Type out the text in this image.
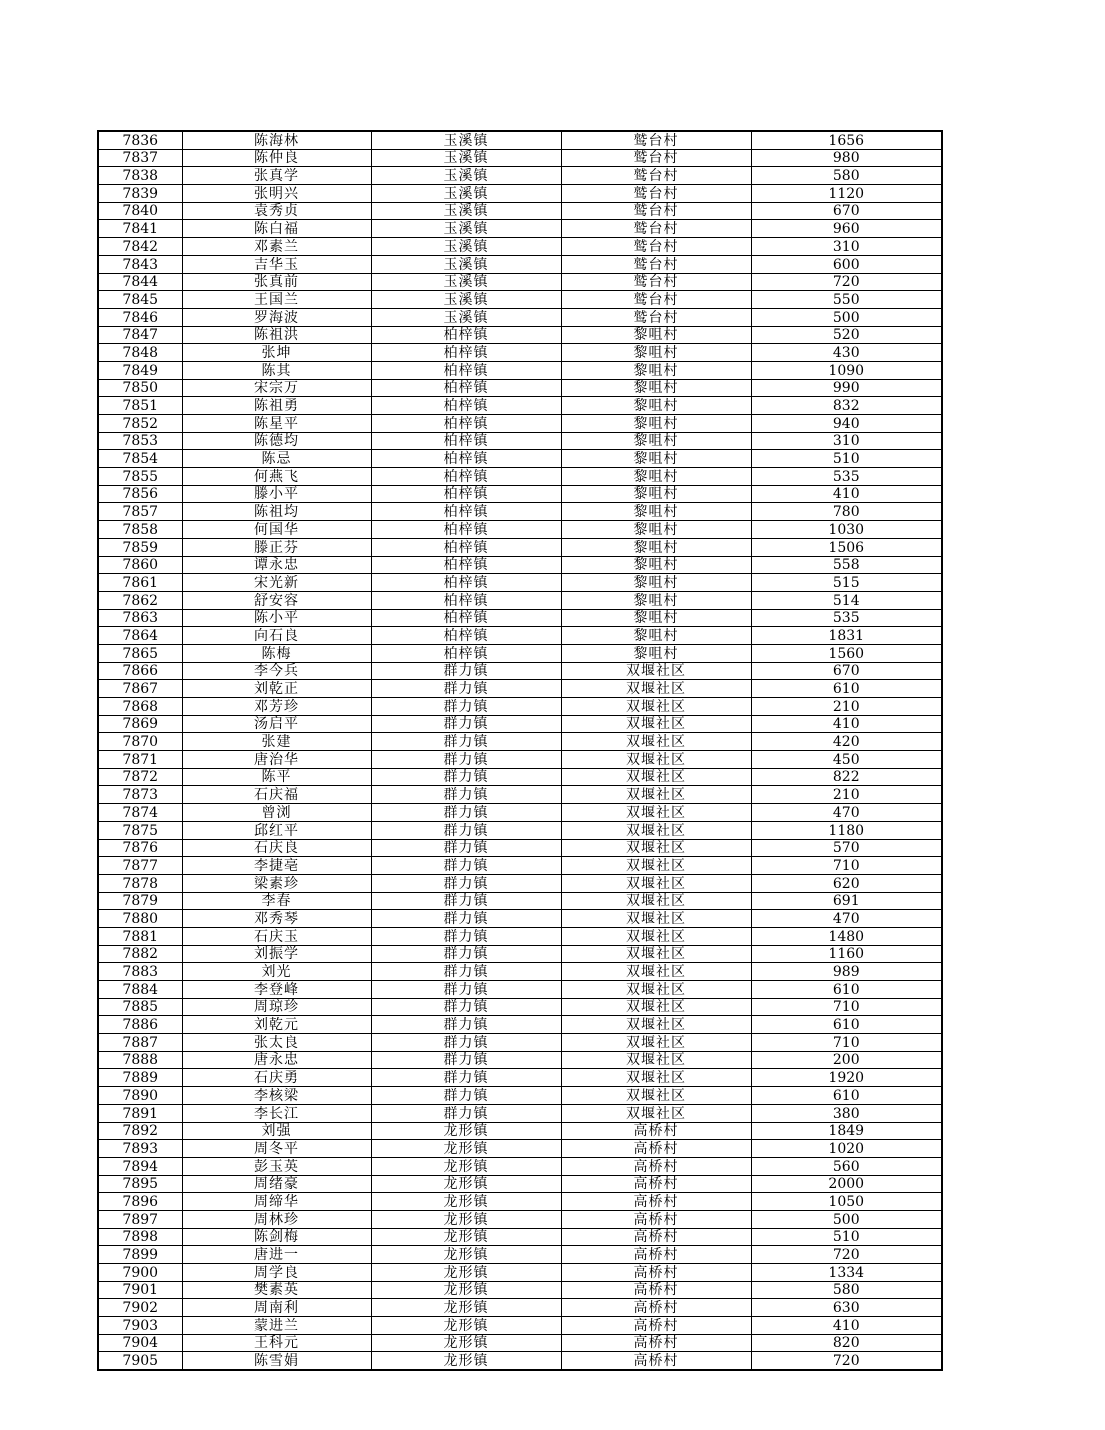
7836	陈海林	玉溪镇	鹫台村	1656
7837	陈仲良	玉溪镇	鹫台村	980
7838	张真学	玉溪镇	鹫台村	580
7839	张明兴	玉溪镇	鹫台村	1120
7840	袁秀贞	玉溪镇	鹫台村	670
7841	陈白福	玉溪镇	鹫台村	960
7842	邓素兰	玉溪镇	鹫台村	310
7843	吉华玉	玉溪镇	鹫台村	600
7844	张真前	玉溪镇	鹫台村	720
7845	王国兰	玉溪镇	鹫台村	550
7846	罗海波	玉溪镇	鹫台村	500
7847	陈祖洪	柏梓镇	黎咀村	520
7848	张坤	柏梓镇	黎咀村	430
7849	陈其	柏梓镇	黎咀村	1090
7850	宋宗万	柏梓镇	黎咀村	990
7851	陈祖勇	柏梓镇	黎咀村	832
7852	陈星平	柏梓镇	黎咀村	940
7853	陈德均	柏梓镇	黎咀村	310
7854	陈忌	柏梓镇	黎咀村	510
7855	何燕飞	柏梓镇	黎咀村	535
7856	滕小平	柏梓镇	黎咀村	410
7857	陈祖均	柏梓镇	黎咀村	780
7858	何国华	柏梓镇	黎咀村	1030
7859	滕正芬	柏梓镇	黎咀村	1506
7860	谭永忠	柏梓镇	黎咀村	558
7861	宋光新	柏梓镇	黎咀村	515
7862	舒安容	柏梓镇	黎咀村	514
7863	陈小平	柏梓镇	黎咀村	535
7864	向石良	柏梓镇	黎咀村	1831
7865	陈梅	柏梓镇	黎咀村	1560
7866	李今兵	群力镇	双堰社区	670
7867	刘乾正	群力镇	双堰社区	610
7868	邓芳珍	群力镇	双堰社区	210
7869	汤启平	群力镇	双堰社区	410
7870	张建	群力镇	双堰社区	420
7871	唐治华	群力镇	双堰社区	450
7872	陈平	群力镇	双堰社区	822
7873	石庆福	群力镇	双堰社区	210
7874	曾浏	群力镇	双堰社区	470
7875	邱红平	群力镇	双堰社区	1180
7876	石庆良	群力镇	双堰社区	570
7877	李捷亳	群力镇	双堰社区	710
7878	梁素珍	群力镇	双堰社区	620
7879	李春	群力镇	双堰社区	691
7880	邓秀琴	群力镇	双堰社区	470
7881	石庆玉	群力镇	双堰社区	1480
7882	刘振学	群力镇	双堰社区	1160
7883	刘光	群力镇	双堰社区	989
7884	李登峰	群力镇	双堰社区	610
7885	周琼珍	群力镇	双堰社区	710
7886	刘乾元	群力镇	双堰社区	610
7887	张太良	群力镇	双堰社区	710
7888	唐永忠	群力镇	双堰社区	200
7889	石庆勇	群力镇	双堰社区	1920
7890	李核梁	群力镇	双堰社区	610
7891	李长江	群力镇	双堰社区	380
7892	刘强	龙形镇	高桥村	1849
7893	周冬平	龙形镇	高桥村	1020
7894	彭玉英	龙形镇	高桥村	560
7895	周绪豪	龙形镇	高桥村	2000
7896	周缔华	龙形镇	高桥村	1050
7897	周林珍	龙形镇	高桥村	500
7898	陈剑梅	龙形镇	高桥村	510
7899	唐进一	龙形镇	高桥村	720
7900	周学良	龙形镇	高桥村	1334
7901	樊素英	龙形镇	高桥村	580
7902	周南利	龙形镇	高桥村	630
7903	蒙进兰	龙形镇	高桥村	410
7904	王科元	龙形镇	高桥村	820
7905	陈雪娟	龙形镇	高桥村	720
